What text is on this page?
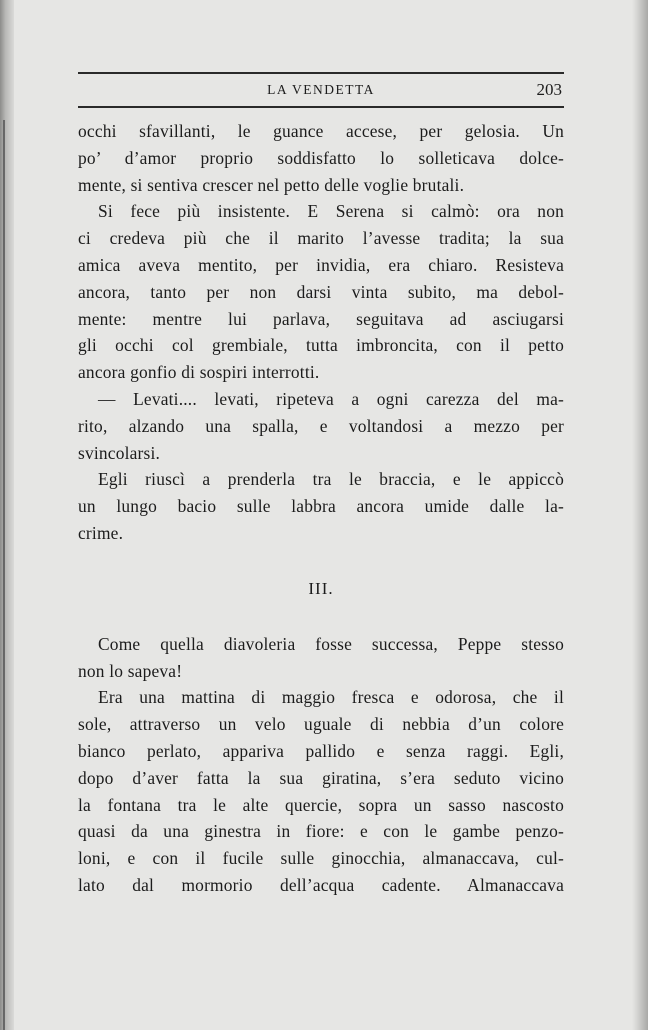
LA VENDETTA	203
occhi sfavillanti, le guance accese, per gelosia. Un
po’ d’amor proprio soddisfatto lo solleticava dolce-
mente, si sentiva crescer nel petto delle voglie brutali.
Si fece più insistente. E Serena si calmò: ora non
ci credeva più che il marito l’avesse tradita; la sua
amica aveva mentito, per invidia, era chiaro. Resisteva
ancora, tanto per non darsi vinta subito, ma debol-
mente: mentre lui parlava, seguitava ad asciugarsi
gli occhi col grembiale, tutta imbroncita, con il petto
ancora gonfio di sospiri interrotti.
— Levati.... levati, ripeteva a ogni carezza del ma-
rito, alzando una spalla, e voltandosi a mezzo per
svincolarsi.
Egli riuscì a prenderla tra le braccia, e le appiccò
un lungo bacio sulle labbra ancora umide dalle la-
crime.
III.
Come quella diavoleria fosse successa, Peppe stesso
non lo sapeva!
Era una mattina di maggio fresca e odorosa, che il
sole, attraverso un velo uguale di nebbia d’un colore
bianco perlato, appariva pallido e senza raggi. Egli,
dopo d’aver fatta la sua giratina, s’era seduto vicino
la fontana tra le alte quercie, sopra un sasso nascosto
quasi da una ginestra in fiore: e con le gambe penzo-
loni, e con il fucile sulle ginocchia, almanaccava, cul-
lato dal mormorio dell’acqua cadente. Almanaccava
